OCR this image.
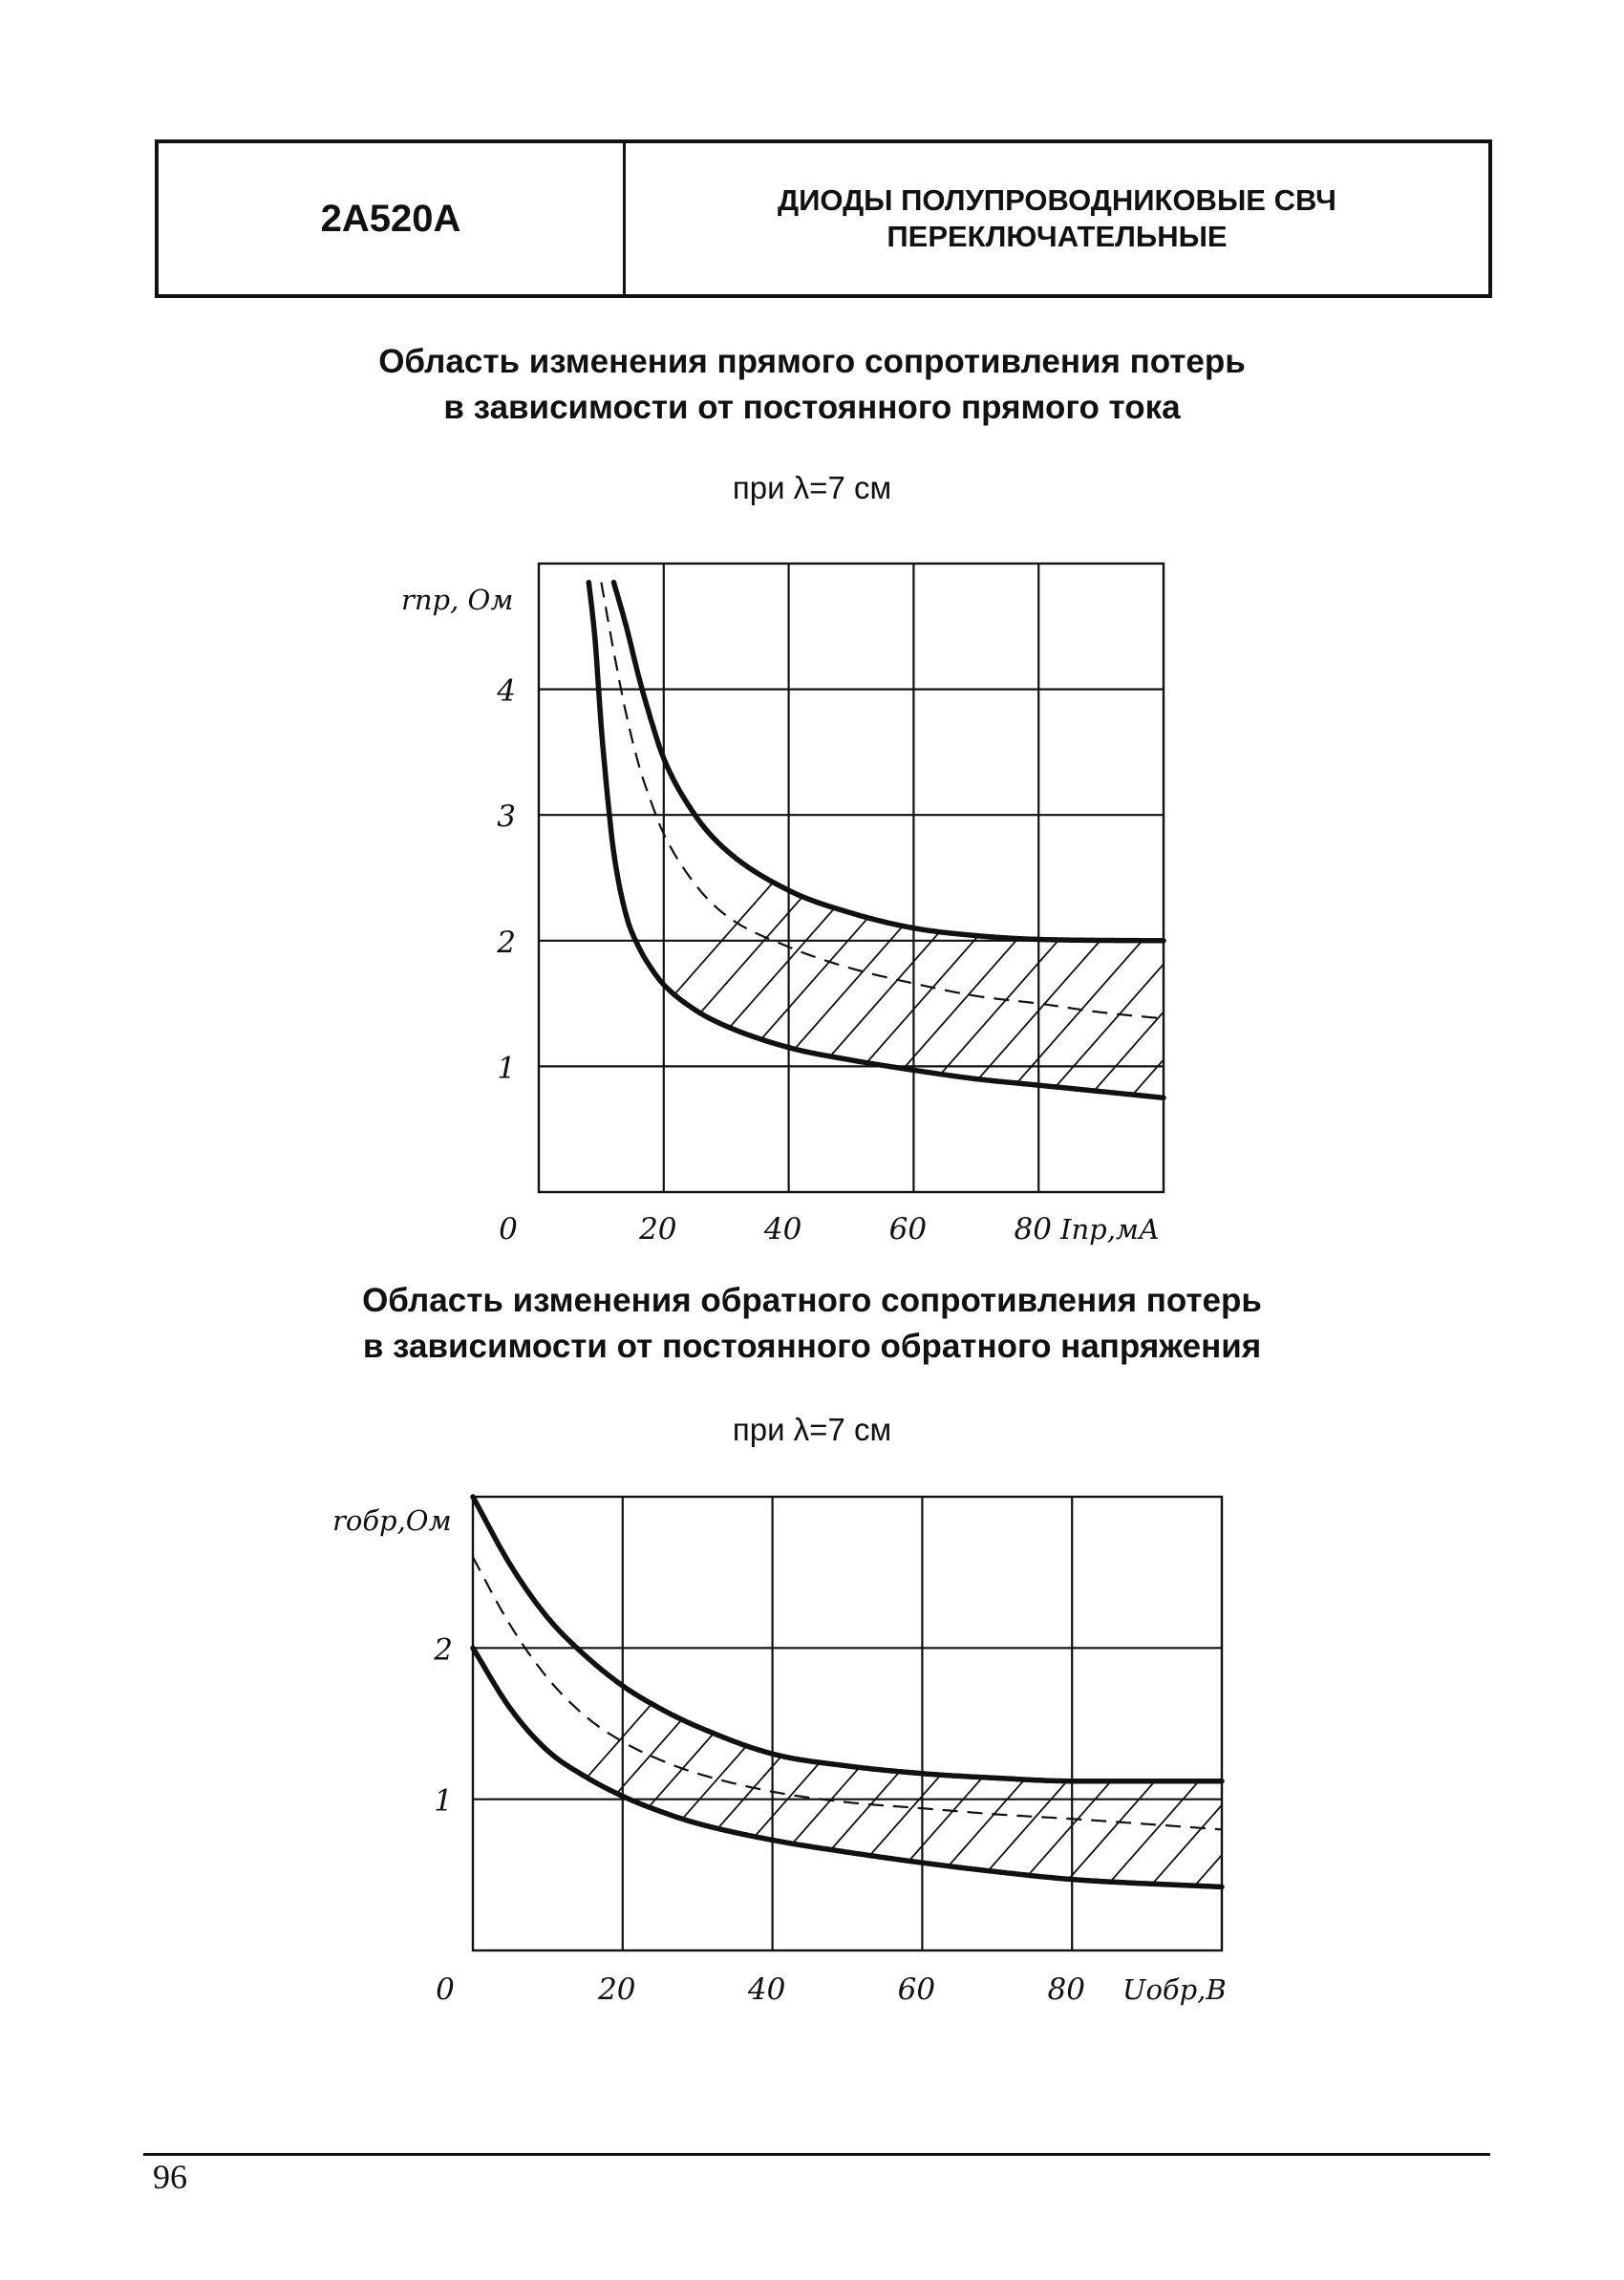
2А520А	ДИОДЫ ПОЛУПРОВОДНИКОВЫЕ СВЧ
ПЕРЕКЛЮЧАТЕЛЬНЫЕ
Область изменения прямого сопротивления потерь
в зависимости от постоянного прямого тока
при λ=7 см
0	20	40	60	80
1
2
3
4
rпр, Ом
Iпр,мА
Область изменения обратного сопротивления потерь
в зависимости от постоянного обратного напряжения
при λ=7 см
0	20	40	60	80
1
2
rобр,Ом
Uобр,В
96
